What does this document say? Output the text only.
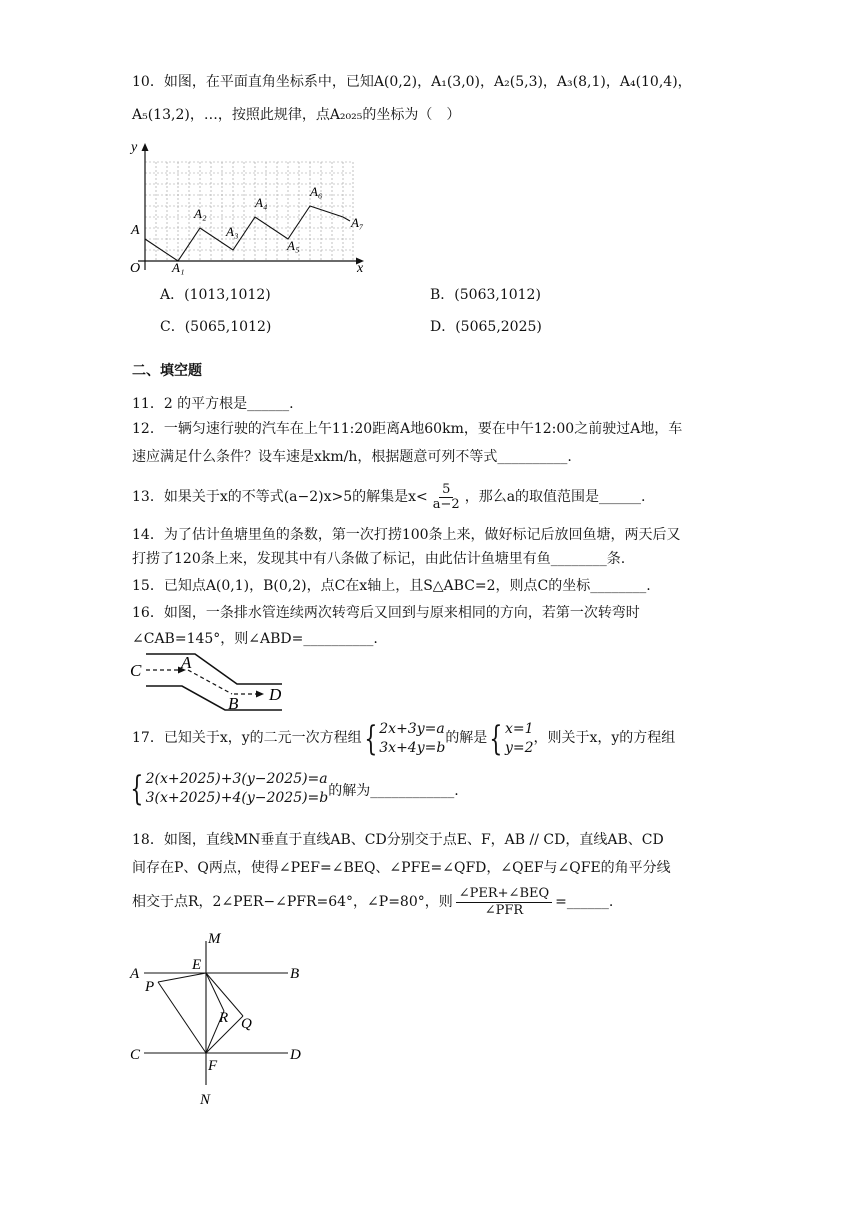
10．如图，在平面直角坐标系中，已知A(0,2)，A₁(3,0)，A₂(5,3)，A₃(8,1)，A₄(10,4)，
A₅(13,2)，…，按照此规律，点A₂₀₂₅的坐标为（　）
y
x
O
A
A₁
A₂
A₃
A₄
A₅
A₆
A₇
A．(1013,1012)	B．(5063,1012)
C．(5065,1012)	D．(5065,2025)
二、填空题
11．2 的平方根是______.
12．一辆匀速行驶的汽车在上午11:20距离A地60km，要在中午12:00之前驶过A地，车
速应满足什么条件？设车速是xkm/h，根据题意可列不等式__________.
13．如果关于x的不等式(a−2)x>5的解集是$x< \frac{5}{a-2}$ ，那么a的取值范围是______.
14．为了估计鱼塘里鱼的条数，第一次打捞100条上来，做好标记后放回鱼塘，两天后又
打捞了120条上来，发现其中有八条做了标记，由此估计鱼塘里有鱼________条.
15．已知点A(0,1)，B(0,2)，点C在x轴上，且S△ABC=2，则点C的坐标________.
16．如图，一条排水管连续两次转弯后又回到与原来相同的方向，若第一次转弯时
∠CAB=145°，则∠ABD=__________.
C A
B D
17．已知关于x，y的二元一次方程组 { 2x+3y=a
3x+4y=b
的解是 { x=1
y=2
，则关于x，y的方程组
{ 2(x+2025)+3(y−2025)=a
3(x+2025)+4(y−2025)=b 的解为____________.
18．如图，直线MN垂直于直线AB、CD分别交于点E、F，AB // CD，直线AB、CD
间存在P、Q两点，使得∠PEF=∠BEQ、∠PFE=∠QFD，∠QEF与∠QFE的角平分线
相交于点R，2∠PER−∠PFR=64°，∠P=80°，则
∠PER+∠BEQ
∠PFR
=______.
M
A
E
B
P
R Q
C
F
D
N
